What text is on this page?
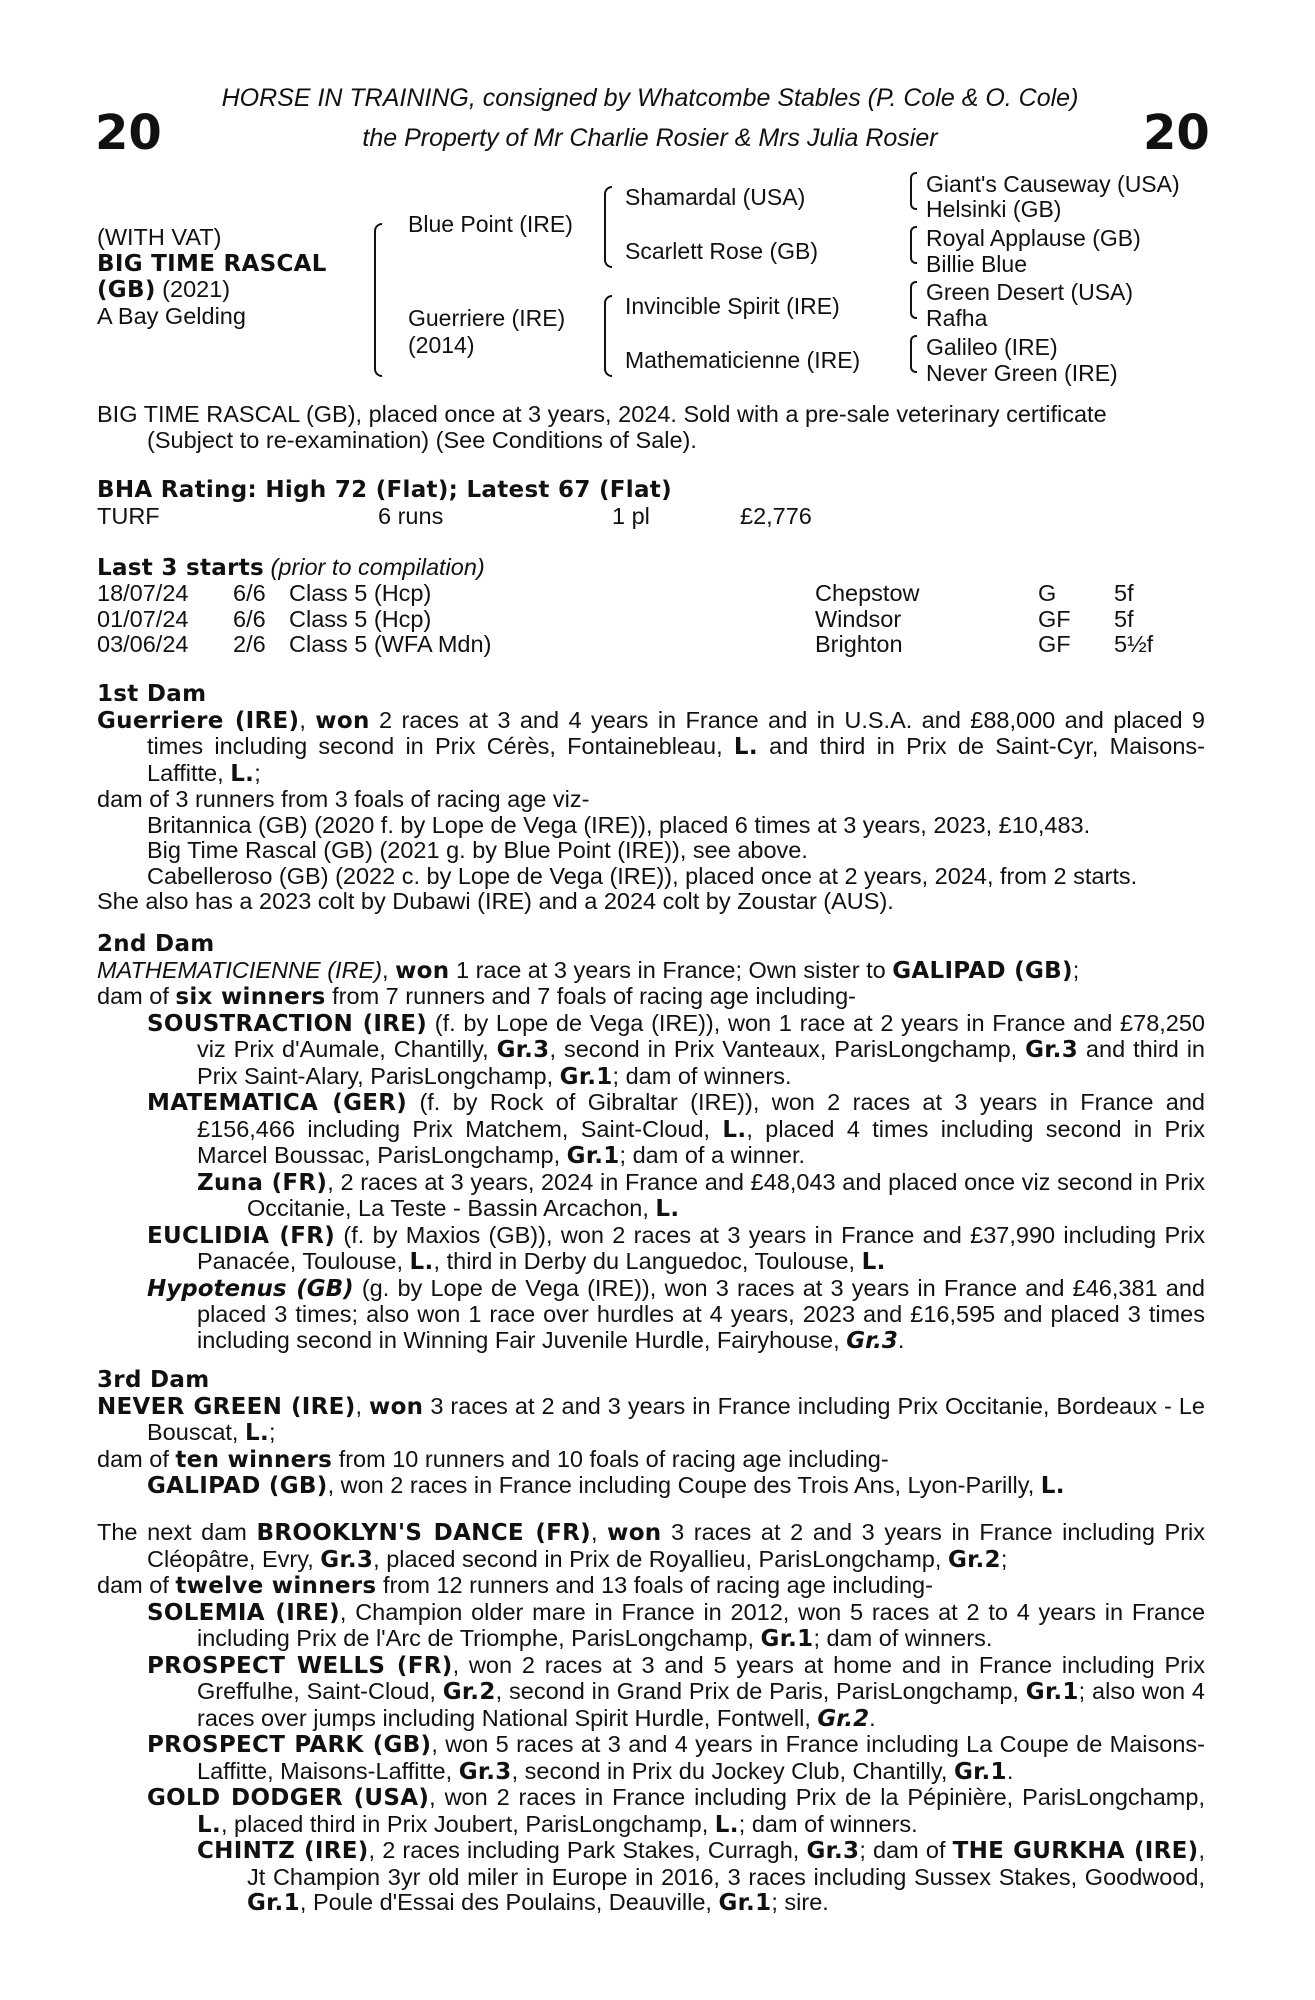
20	20
HORSE IN TRAINING, consigned by Whatcombe Stables (P. Cole & O. Cole)
the Property of Mr Charlie Rosier & Mrs Julia Rosier
(WITH VAT)
BIG TIME RASCAL
(GB) (2021)
A Bay Gelding
Blue Point (IRE)
Guerriere (IRE)
(2014)
Shamardal (USA)
Scarlett Rose (GB)
Invincible Spirit (IRE)
Mathematicienne (IRE)
Giant's Causeway (USA)
Helsinki (GB)
Royal Applause (GB)
Billie Blue
Green Desert (USA)
Rafha
Galileo (IRE)
Never Green (IRE)
BIG TIME RASCAL (GB), placed once at 3 years, 2024. Sold with a pre-sale veterinary certificate
(Subject to re-examination) (See Conditions of Sale).
BHA Rating: High 72 (Flat); Latest 67 (Flat)
TURF	6 runs	1 pl	£2,776
Last 3 starts (prior to compilation)
18/07/24 6/6 Class 5 (Hcp)	Chepstow	G 5f
01/07/24 6/6 Class 5 (Hcp)	Windsor	GF 5f
03/06/24 2/6 Class 5 (WFA Mdn)	Brighton	GF 5½f
1st Dam

Guerriere (IRE), won 2 races at 3 and 4 years in France and in U.S.A. and £88,000 and placed 9 times including second in Prix Cérès, Fontainebleau, L. and third in Prix de Saint-Cyr, Maisons-Laffitte, L.;

dam of 3 runners from 3 foals of racing age viz-

Britannica (GB) (2020 f. by Lope de Vega (IRE)), placed 6 times at 3 years, 2023, £10,483.

Big Time Rascal (GB) (2021 g. by Blue Point (IRE)), see above.

Cabelleroso (GB) (2022 c. by Lope de Vega (IRE)), placed once at 2 years, 2024, from 2 starts.

She also has a 2023 colt by Dubawi (IRE) and a 2024 colt by Zoustar (AUS).

2nd Dam

MATHEMATICIENNE (IRE), won 1 race at 3 years in France; Own sister to GALIPAD (GB);

dam of six winners from 7 runners and 7 foals of racing age including-

SOUSTRACTION (IRE) (f. by Lope de Vega (IRE)), won 1 race at 2 years in France and £78,250 viz Prix d'Aumale, Chantilly, Gr.3, second in Prix Vanteaux, ParisLongchamp, Gr.3 and third in Prix Saint-Alary, ParisLongchamp, Gr.1; dam of winners.

MATEMATICA (GER) (f. by Rock of Gibraltar (IRE)), won 2 races at 3 years in France and £156,466 including Prix Matchem, Saint-Cloud, L., placed 4 times including second in Prix Marcel Boussac, ParisLongchamp, Gr.1; dam of a winner.

Zuna (FR), 2 races at 3 years, 2024 in France and £48,043 and placed once viz second in Prix Occitanie, La Teste - Bassin Arcachon, L.

EUCLIDIA (FR) (f. by Maxios (GB)), won 2 races at 3 years in France and £37,990 including Prix Panacée, Toulouse, L., third in Derby du Languedoc, Toulouse, L.

Hypotenus (GB) (g. by Lope de Vega (IRE)), won 3 races at 3 years in France and £46,381 and placed 3 times; also won 1 race over hurdles at 4 years, 2023 and £16,595 and placed 3 times including second in Winning Fair Juvenile Hurdle, Fairyhouse, Gr.3.

3rd Dam

NEVER GREEN (IRE), won 3 races at 2 and 3 years in France including Prix Occitanie, Bordeaux - Le Bouscat, L.;

dam of ten winners from 10 runners and 10 foals of racing age including-

GALIPAD (GB), won 2 races in France including Coupe des Trois Ans, Lyon-Parilly, L.

The next dam BROOKLYN'S DANCE (FR), won 3 races at 2 and 3 years in France including Prix Cléopâtre, Evry, Gr.3, placed second in Prix de Royallieu, ParisLongchamp, Gr.2;

dam of twelve winners from 12 runners and 13 foals of racing age including-

SOLEMIA (IRE), Champion older mare in France in 2012, won 5 races at 2 to 4 years in France including Prix de l'Arc de Triomphe, ParisLongchamp, Gr.1; dam of winners.

PROSPECT WELLS (FR), won 2 races at 3 and 5 years at home and in France including Prix Greffulhe, Saint-Cloud, Gr.2, second in Grand Prix de Paris, ParisLongchamp, Gr.1; also won 4 races over jumps including National Spirit Hurdle, Fontwell, Gr.2.

PROSPECT PARK (GB), won 5 races at 3 and 4 years in France including La Coupe de Maisons-Laffitte, Maisons-Laffitte, Gr.3, second in Prix du Jockey Club, Chantilly, Gr.1.

GOLD DODGER (USA), won 2 races in France including Prix de la Pépinière, ParisLongchamp, L., placed third in Prix Joubert, ParisLongchamp, L.; dam of winners.

CHINTZ (IRE), 2 races including Park Stakes, Curragh, Gr.3; dam of THE GURKHA (IRE), Jt Champion 3yr old miler in Europe in 2016, 3 races including Sussex Stakes, Goodwood, Gr.1, Poule d'Essai des Poulains, Deauville, Gr.1; sire.
